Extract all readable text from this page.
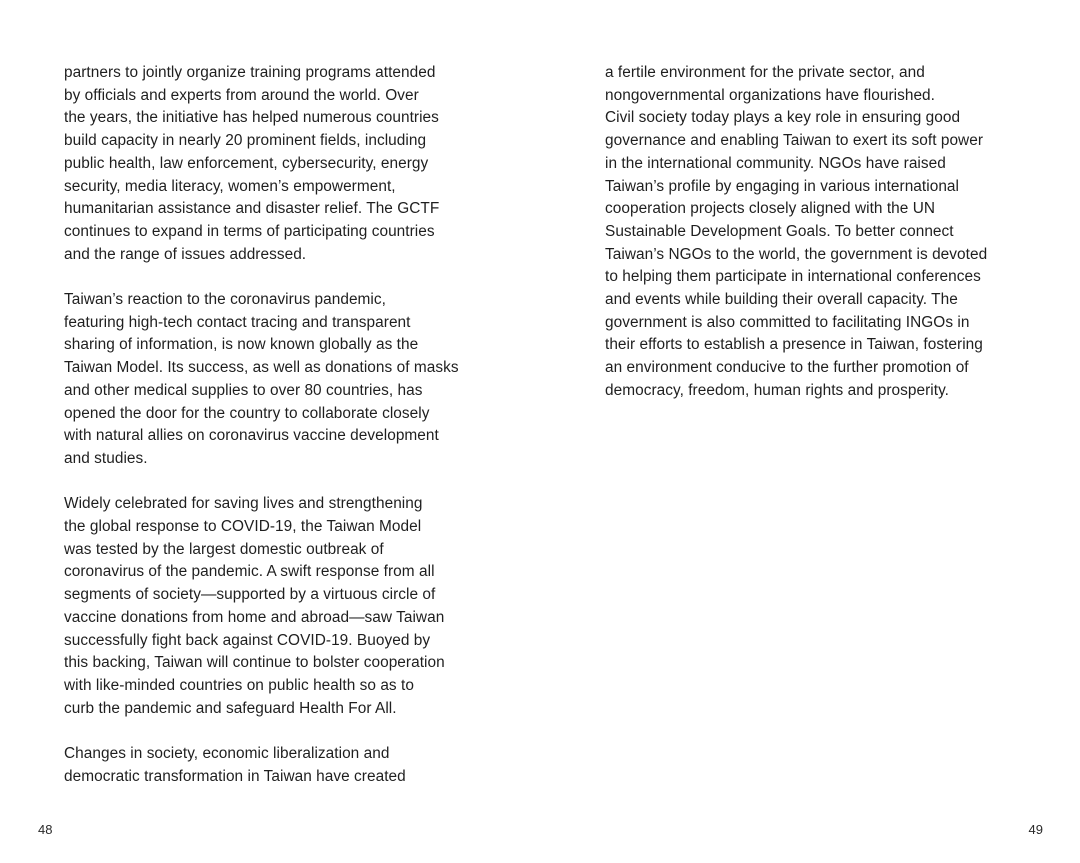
partners to jointly organize training programs attended
by officials and experts from around the world. Over
the years, the initiative has helped numerous countries
build capacity in nearly 20 prominent fields, including
public health, law enforcement, cybersecurity, energy
security, media literacy, women’s empowerment,
humanitarian assistance and disaster relief. The GCTF
continues to expand in terms of participating countries
and the range of issues addressed.

Taiwan’s reaction to the coronavirus pandemic,
featuring high-tech contact tracing and transparent
sharing of information, is now known globally as the
Taiwan Model. Its success, as well as donations of masks
and other medical supplies to over 80 countries, has
opened the door for the country to collaborate closely
with natural allies on coronavirus vaccine development
and studies.

Widely celebrated for saving lives and strengthening
the global response to COVID-19, the Taiwan Model
was tested by the largest domestic outbreak of
coronavirus of the pandemic. A swift response from all
segments of society—supported by a virtuous circle of
vaccine donations from home and abroad—saw Taiwan
successfully fight back against COVID-19. Buoyed by
this backing, Taiwan will continue to bolster cooperation
with like-minded countries on public health so as to
curb the pandemic and safeguard Health For All.

Changes in society, economic liberalization and
democratic transformation in Taiwan have created

48

a fertile environment for the private sector, and
nongovernmental organizations have flourished.
Civil society today plays a key role in ensuring good
governance and enabling Taiwan to exert its soft power
in the international community. NGOs have raised
Taiwan’s profile by engaging in various international
cooperation projects closely aligned with the UN
Sustainable Development Goals. To better connect
Taiwan’s NGOs to the world, the government is devoted
to helping them participate in international conferences
and events while building their overall capacity. The
government is also committed to facilitating INGOs in
their efforts to establish a presence in Taiwan, fostering
an environment conducive to the further promotion of
democracy, freedom, human rights and prosperity.

49
